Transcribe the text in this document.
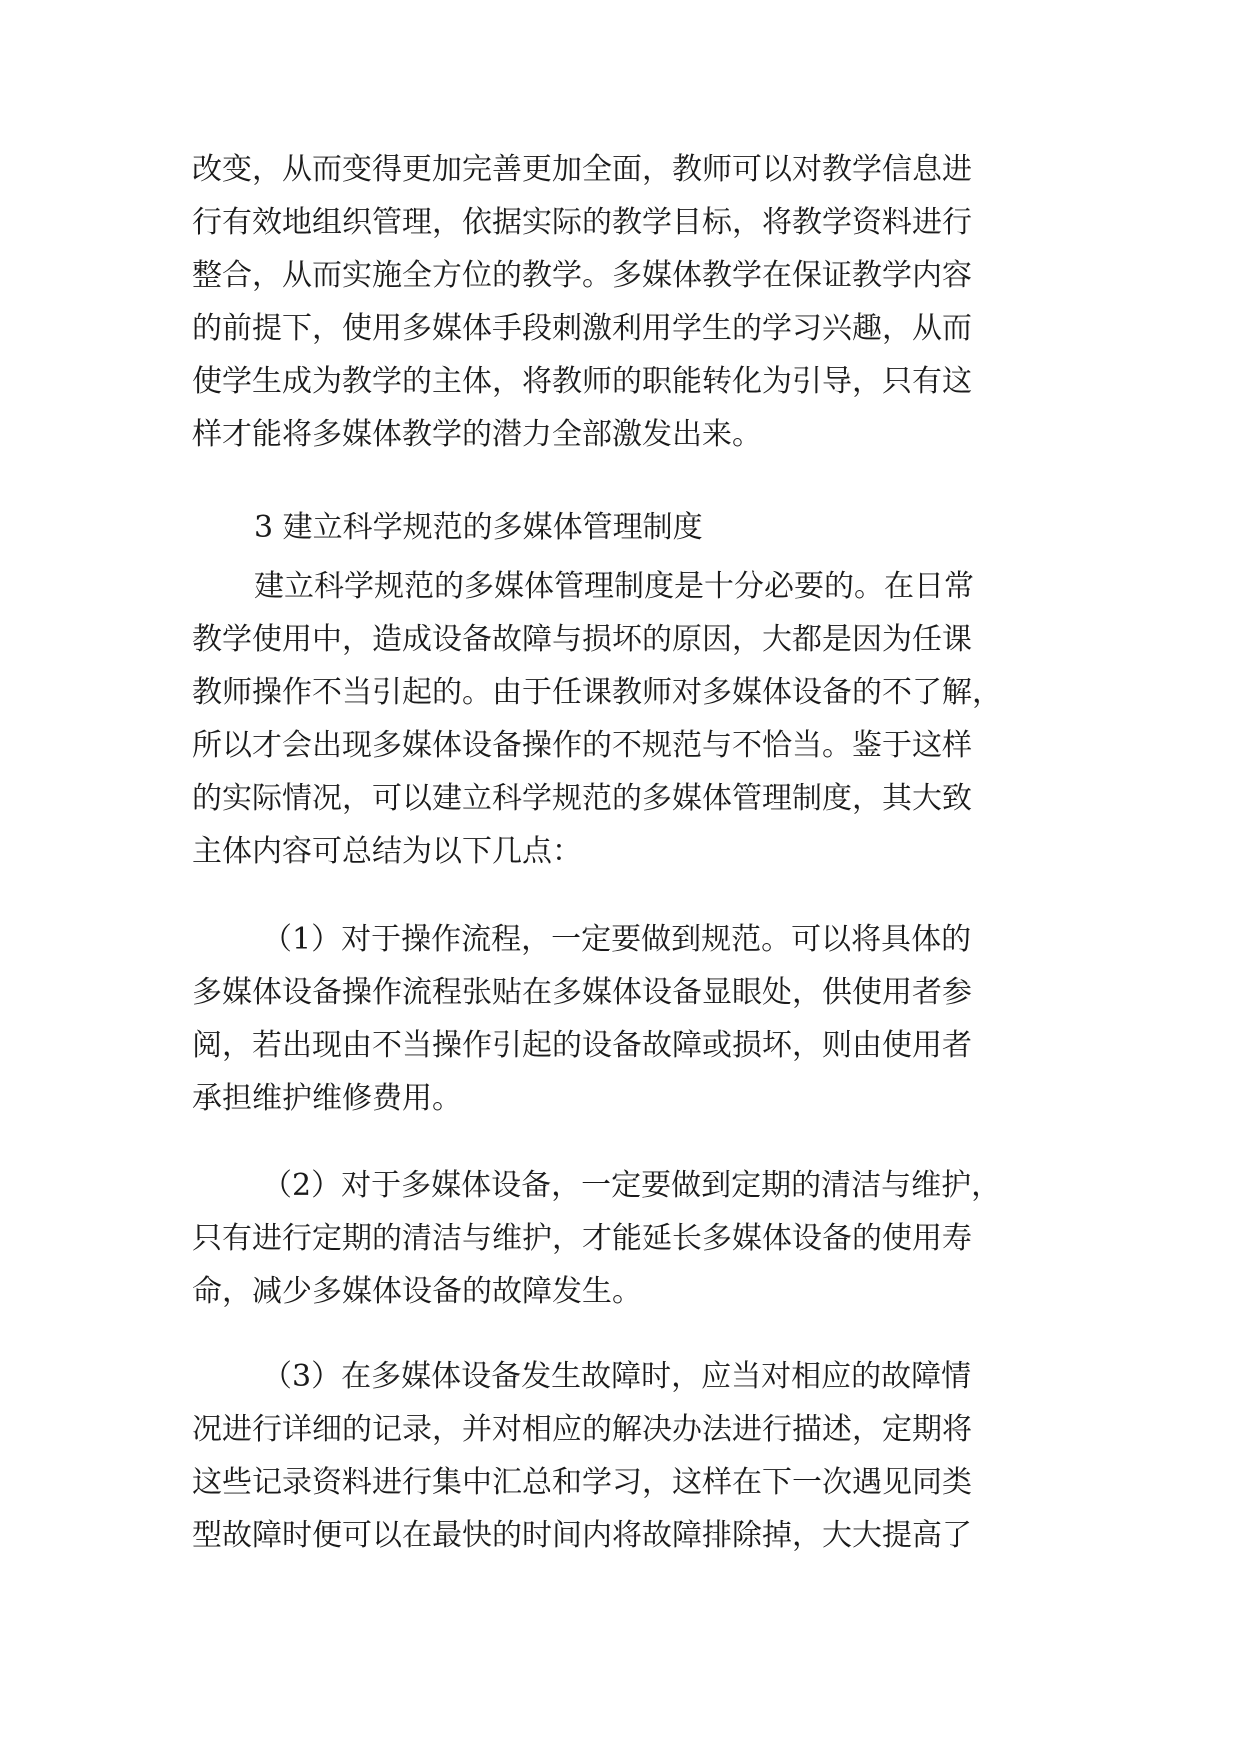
改变，从而变得更加完善更加全面，教师可以对教学信息进
行有效地组织管理，依据实际的教学目标，将教学资料进行
整合，从而实施全方位的教学。多媒体教学在保证教学内容
的前提下，使用多媒体手段刺激利用学生的学习兴趣，从而
使学生成为教学的主体，将教师的职能转化为引导，只有这
样才能将多媒体教学的潜力全部激发出来。
3 建立科学规范的多媒体管理制度
建立科学规范的多媒体管理制度是十分必要的。在日常
教学使用中，造成设备故障与损坏的原因，大都是因为任课
教师操作不当引起的。由于任课教师对多媒体设备的不了解，
所以才会出现多媒体设备操作的不规范与不恰当。鉴于这样
的实际情况，可以建立科学规范的多媒体管理制度，其大致
主体内容可总结为以下几点：
（1）对于操作流程，一定要做到规范。可以将具体的
多媒体设备操作流程张贴在多媒体设备显眼处，供使用者参
阅，若出现由不当操作引起的设备故障或损坏，则由使用者
承担维护维修费用。
（2）对于多媒体设备，一定要做到定期的清洁与维护，
只有进行定期的清洁与维护，才能延长多媒体设备的使用寿
命，减少多媒体设备的故障发生。
（3）在多媒体设备发生故障时，应当对相应的故障情
况进行详细的记录，并对相应的解决办法进行描述，定期将
这些记录资料进行集中汇总和学习，这样在下一次遇见同类
型故障时便可以在最快的时间内将故障排除掉，大大提高了
